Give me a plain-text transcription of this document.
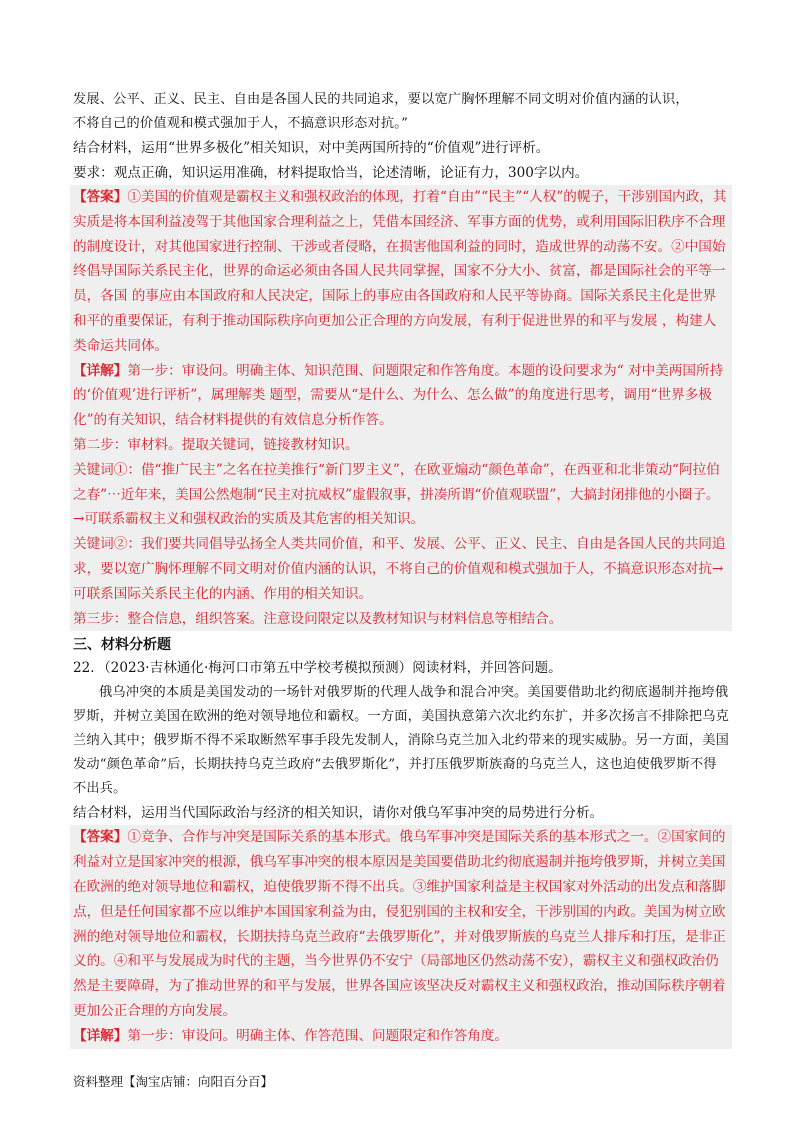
发展、公平、正义、民主、自由是各国人民的共同追求，要以宽广胸怀理解不同文明对价值内涵的认识，

不将自己的价值观和模式强加于人，不搞意识形态对抗。”

结合材料，运用“世界多极化”相关知识，对中美两国所持的“价值观”进行评析。

要求：观点正确，知识运用准确，材料提取恰当，论述清晰，论证有力，300字以内。

【答案】①美国的价值观是霸权主义和强权政治的体现，打着“自由”“民主”“人权”的幌子，干涉别国内政，其实质是将本国利益凌驾于其他国家合理利益之上，凭借本国经济、军事方面的优势，或利用国际旧秩序不合理的制度设计，对其他国家进行控制、干涉或者侵略，在损害他国利益的同时，造成世界的动荡不安。②中国始终倡导国际关系民主化，世界的命运必须由各国人民共同掌握，国家不分大小、贫富，都是国际社会的平等一员，各国 的事应由本国政府和人民决定，国际上的事应由各国政府和人民平等协商。国际关系民主化是世界和平的重要保证，有利于推动国际秩序向更加公正合理的方向发展，有利于促进世界的和平与发展 ，构建人类命运共同体。

【详解】第一步：审设问。明确主体、知识范围、问题限定和作答角度。本题的设问要求为“ 对中美两国所持的‘价值观’进行评析”，属理解类 题型，需要从“是什么、为什么、怎么做”的角度进行思考，调用“世界多极化”的有关知识，结合材料提供的有效信息分析作答。

第二步：审材料。提取关键词，链接教材知识。

关键词①：借“推广民主”之名在拉美推行“新门罗主义”，在欧亚煽动“颜色革命”，在西亚和北非策动“阿拉伯之春”⋯近年来，美国公然炮制“民主对抗威权”虚假叙事，拼凑所谓“价值观联盟”，大搞封闭排他的小圈子。→可联系霸权主义和强权政治的实质及其危害的相关知识。

关键词②：我们要共同倡导弘扬全人类共同价值，和平、发展、公平、正义、民主、自由是各国人民的共同追求，要以宽广胸怀理解不同文明对价值内涵的认识，不将自己的价值观和模式强加于人，不搞意识形态对抗→可联系国际关系民主化的内涵、作用的相关知识。

第三步：整合信息，组织答案。注意设问限定以及教材知识与材料信息等相结合。

三、材料分析题

22．（2023·吉林通化·梅河口市第五中学校考模拟预测）阅读材料，并回答问题。

俄乌冲突的本质是美国发动的一场针对俄罗斯的代理人战争和混合冲突。美国要借助北约彻底遏制并拖垮俄罗斯，并树立美国在欧洲的绝对领导地位和霸权。一方面，美国执意第六次北约东扩，并多次扬言不排除把乌克兰纳入其中；俄罗斯不得不采取断然军事手段先发制人，消除乌克兰加入北约带来的现实威胁。另一方面，美国发动“颜色革命”后，长期扶持乌克兰政府“去俄罗斯化”，并打压俄罗斯族裔的乌克兰人，这也迫使俄罗斯不得不出兵。

结合材料，运用当代国际政治与经济的相关知识，请你对俄乌军事冲突的局势进行分析。

【答案】①竞争、合作与冲突是国际关系的基本形式。俄乌军事冲突是国际关系的基本形式之一。②国家间的利益对立是国家冲突的根源，俄乌军事冲突的根本原因是美国要借助北约彻底遏制并拖垮俄罗斯，并树立美国在欧洲的绝对领导地位和霸权，迫使俄罗斯不得不出兵。③维护国家利益是主权国家对外活动的出发点和落脚点，但是任何国家都不应以维护本国国家利益为由，侵犯别国的主权和安全，干涉别国的内政。美国为树立欧洲的绝对领导地位和霸权，长期扶持乌克兰政府“去俄罗斯化”，并对俄罗斯族的乌克兰人排斥和打压，是非正义的。④和平与发展成为时代的主题，当今世界仍不安宁（局部地区仍然动荡不安），霸权主义和强权政治仍然是主要障碍，为了推动世界的和平与发展，世界各国应该坚决反对霸权主义和强权政治，推动国际秩序朝着更加公正合理的方向发展。

【详解】第一步：审设问。明确主体、作答范围、问题限定和作答角度。

资料整理【淘宝店铺：向阳百分百】
